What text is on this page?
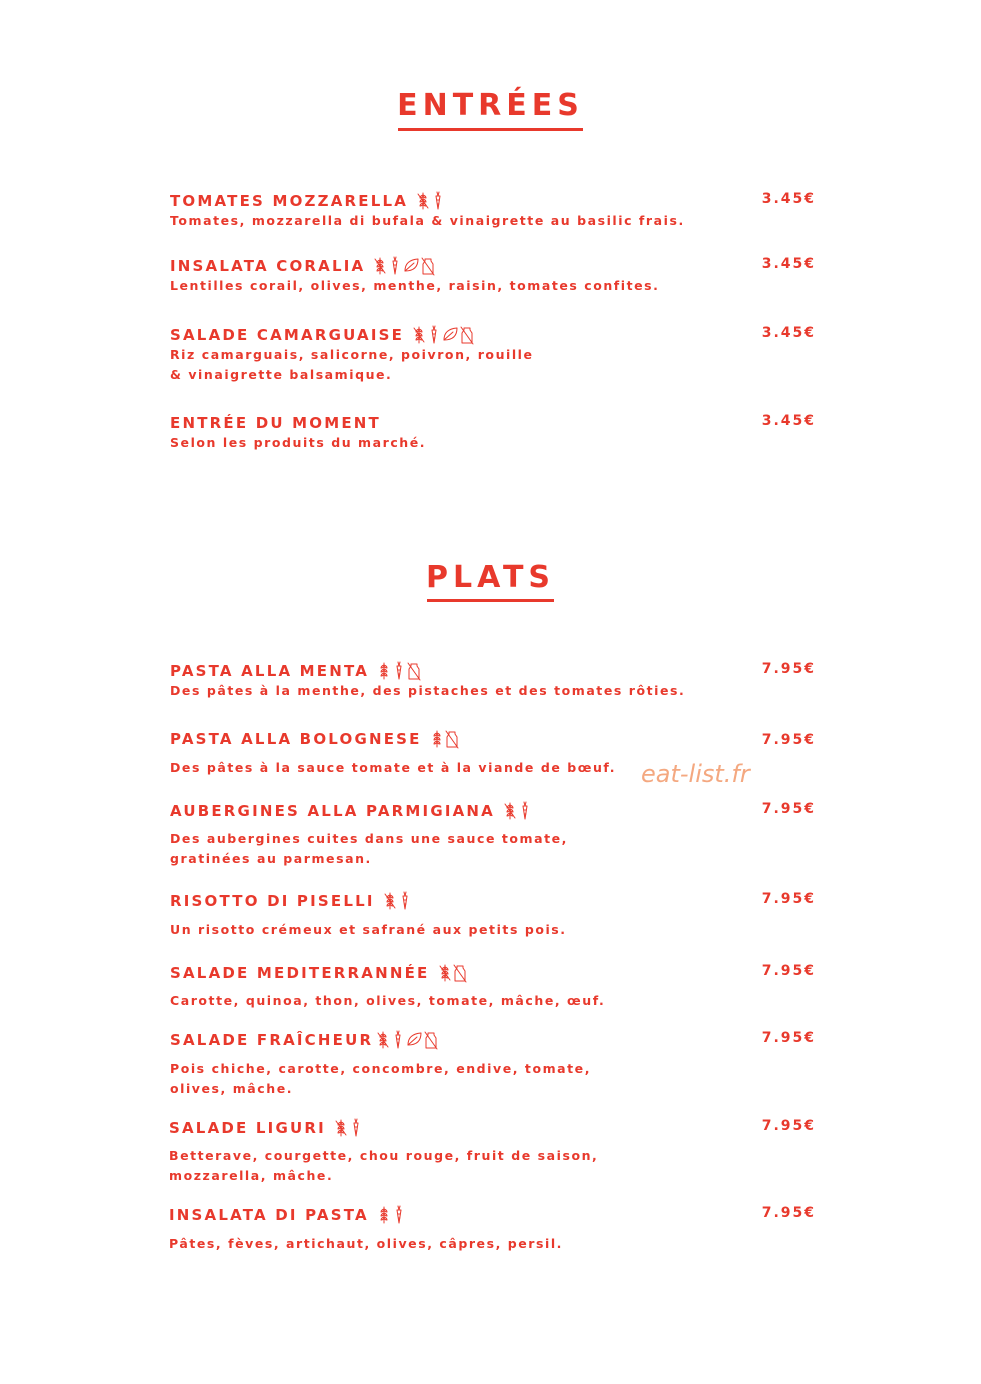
ENTRÉES
TOMATES MOZZARELLA	3.45€
Tomates, mozzarella di bufala & vinaigrette au basilic frais.
INSALATA CORALIA	3.45€
Lentilles corail, olives, menthe, raisin, tomates confites.
SALADE CAMARGUAISE	3.45€
Riz camarguais, salicorne, poivron, rouille
& vinaigrette balsamique.
ENTRÉE DU MOMENT	3.45€
Selon les produits du marché.
PLATS
PASTA ALLA MENTA	7.95€
Des pâtes à la menthe, des pistaches et des tomates rôties.
PASTA ALLA BOLOGNESE	7.95€
Des pâtes à la sauce tomate et à la viande de bœuf.
AUBERGINES ALLA PARMIGIANA	7.95€
Des aubergines cuites dans une sauce tomate,
gratinées au parmesan.
RISOTTO DI PISELLI	7.95€
Un risotto crémeux et safrané aux petits pois.
SALADE MEDITERRANNÉE	7.95€
Carotte, quinoa, thon, olives, tomate, mâche, œuf.
SALADE FRAÎCHEUR	7.95€
Pois chiche, carotte, concombre, endive, tomate,
olives, mâche.
SALADE LIGURI	7.95€
Betterave, courgette, chou rouge, fruit de saison,
mozzarella, mâche.
INSALATA DI PASTA	7.95€
Pâtes, fèves, artichaut, olives, câpres, persil.
eat-list.fr
